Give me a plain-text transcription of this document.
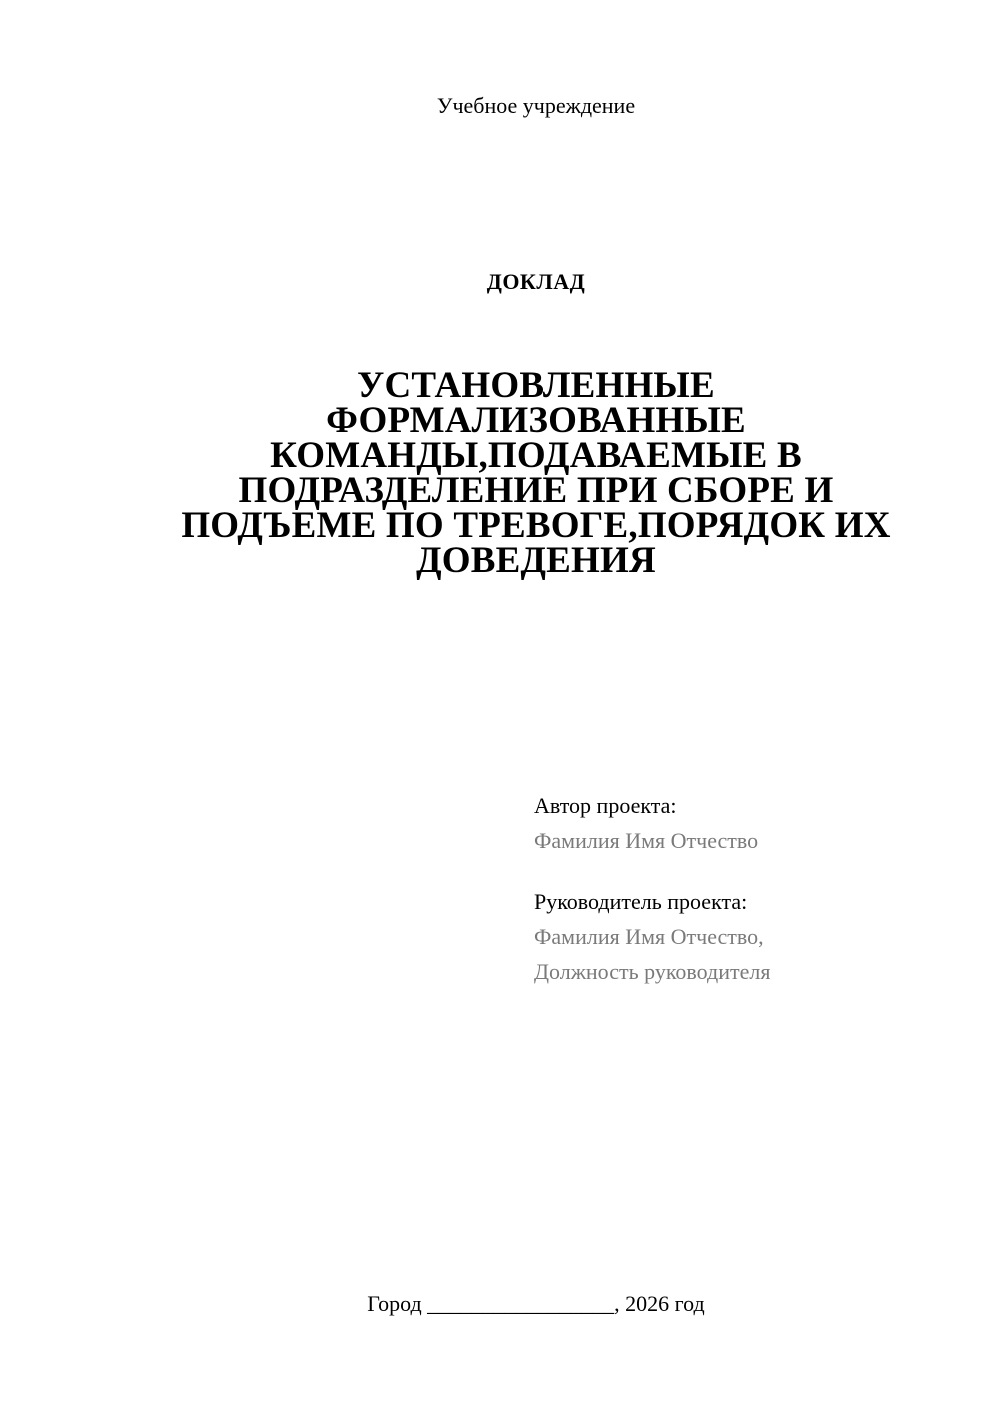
Учебное учреждение
ДОКЛАД
УСТАНОВЛЕННЫЕ
ФОРМАЛИЗОВАННЫЕ
КОМАНДЫ,ПОДАВАЕМЫЕ В
ПОДРАЗДЕЛЕНИЕ ПРИ СБОРЕ И
ПОДЪЕМЕ ПО ТРЕВОГЕ,ПОРЯДОК ИХ
ДОВЕДЕНИЯ
Автор проекта:
Фамилия Имя Отчество
Руководитель проекта:
Фамилия Имя Отчество,
Должность руководителя
Город _________________, 2026 год
